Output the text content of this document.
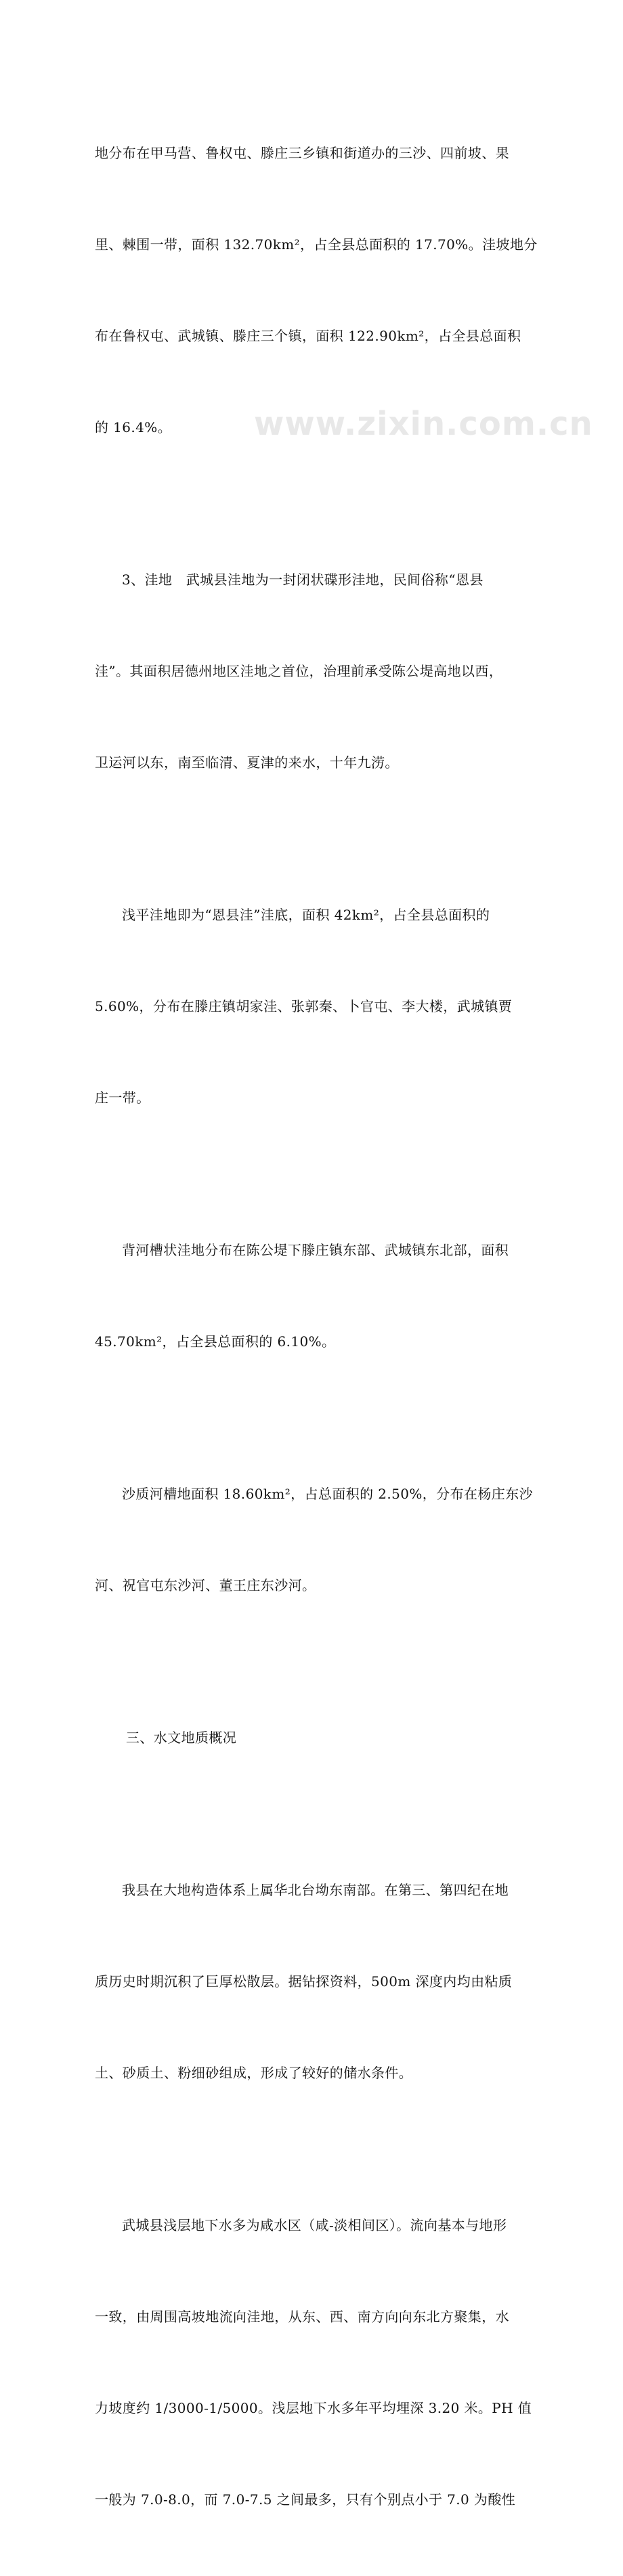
www.zixin.com.cn

地分布在甲马营、鲁权屯、滕庄三乡镇和街道办的三沙、四前坡、果

里、棘围一带，面积 132.70km²，占全县总面积的 17.70%。洼坡地分

布在鲁权屯、武城镇、滕庄三个镇，面积 122.90km²，占全县总面积

的 16.4%。

3、洼地　武城县洼地为一封闭状碟形洼地，民间俗称“恩县

洼”。其面积居德州地区洼地之首位，治理前承受陈公堤高地以西，

卫运河以东，南至临清、夏津的来水，十年九涝。

浅平洼地即为“恩县洼”洼底，面积 42km²，占全县总面积的

5.60%，分布在滕庄镇胡家洼、张郭秦、卜官屯、李大楼，武城镇贾

庄一带。

背河槽状洼地分布在陈公堤下滕庄镇东部、武城镇东北部，面积

45.70km²，占全县总面积的 6.10%。

沙质河槽地面积 18.60km²，占总面积的 2.50%，分布在杨庄东沙

河、祝官屯东沙河、董王庄东沙河。

三、水文地质概况

我县在大地构造体系上属华北台坳东南部。在第三、第四纪在地

质历史时期沉积了巨厚松散层。据钻探资料，500m 深度内均由粘质

土、砂质土、粉细砂组成，形成了较好的储水条件。

武城县浅层地下水多为咸水区（咸-淡相间区）。流向基本与地形

一致，由周围高坡地流向洼地，从东、西、南方向向东北方聚集，水

力坡度约 1/3000-1/5000。浅层地下水多年平均埋深 3.20 米。PH 值

一般为 7.0-8.0，而 7.0-7.5 之间最多，只有个别点小于 7.0 为酸性
